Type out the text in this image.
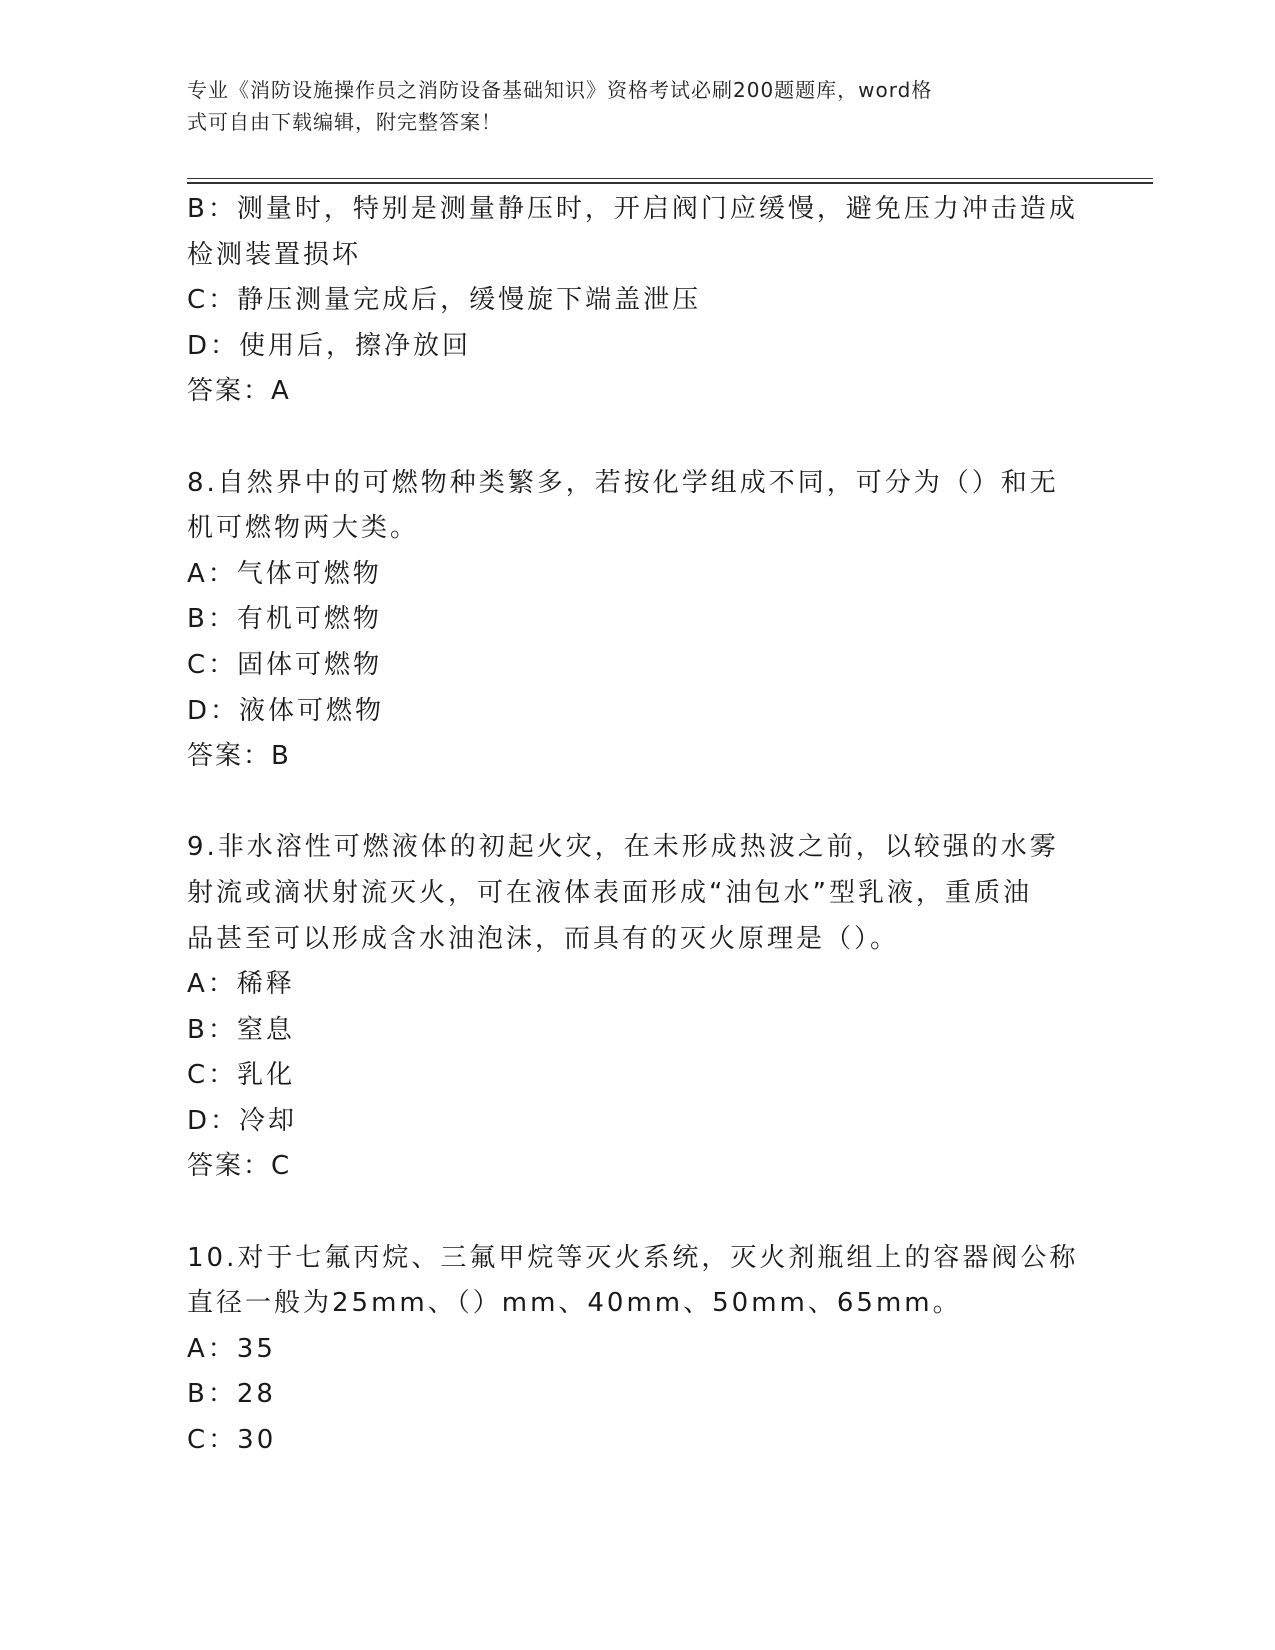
专业《消防设施操作员之消防设备基础知识》资格考试必刷200题题库，word格
式可自由下载编辑，附完整答案！
B：测量时，特别是测量静压时，开启阀门应缓慢，避免压力冲击造成
检测装置损坏
C：静压测量完成后，缓慢旋下端盖泄压
D：使用后，擦净放回
答案：A
8.自然界中的可燃物种类繁多，若按化学组成不同，可分为（）和无
机可燃物两大类。
A：气体可燃物
B：有机可燃物
C：固体可燃物
D：液体可燃物
答案：B
9.非水溶性可燃液体的初起火灾，在未形成热波之前，以较强的水雾
射流或滴状射流灭火，可在液体表面形成“油包水”型乳液，重质油
品甚至可以形成含水油泡沫，而具有的灭火原理是（）。
A：稀释
B：窒息
C：乳化
D：冷却
答案：C
10.对于七氟丙烷、三氟甲烷等灭火系统，灭火剂瓶组上的容器阀公称
直径一般为25mm、（）mm、40mm、50mm、65mm。
A：35
B：28
C：30
